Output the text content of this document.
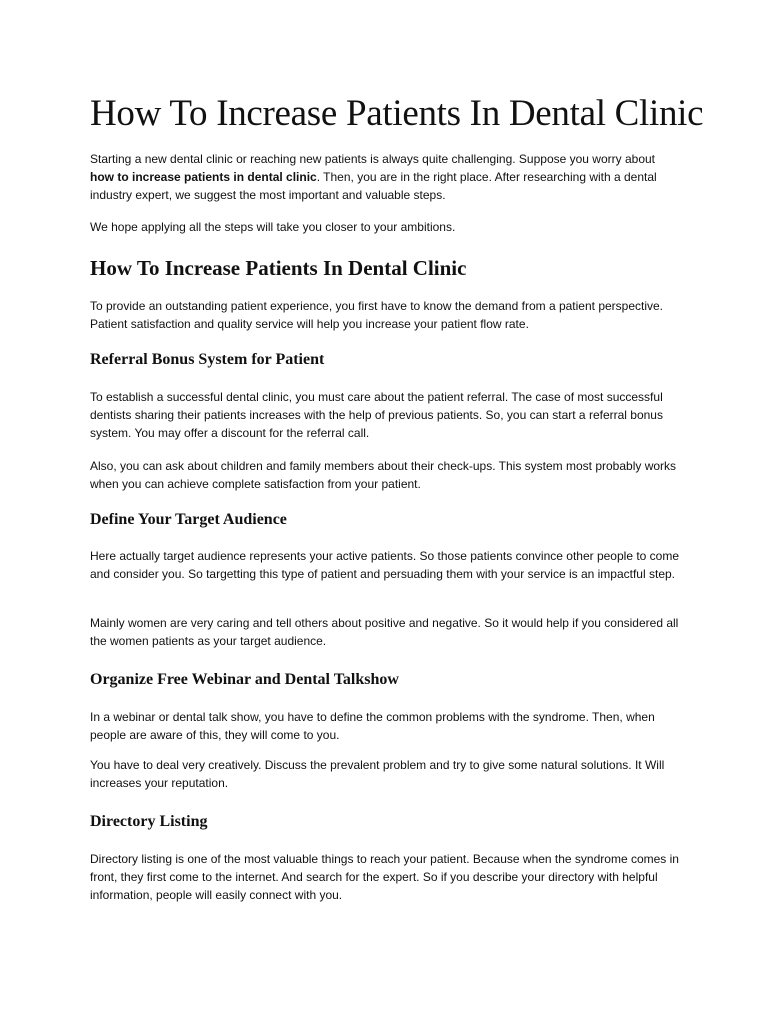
How To Increase Patients In Dental Clinic

Starting a new dental clinic or reaching new patients is always quite challenging. Suppose you worry about how to increase patients in dental clinic. Then, you are in the right place. After researching with a dental industry expert, we suggest the most important and valuable steps.

We hope applying all the steps will take you closer to your ambitions.

How To Increase Patients In Dental Clinic

To provide an outstanding patient experience, you first have to know the demand from a patient perspective. Patient satisfaction and quality service will help you increase your patient flow rate.

Referral Bonus System for Patient

To establish a successful dental clinic, you must care about the patient referral. The case of most successful dentists sharing their patients increases with the help of previous patients. So, you can start a referral bonus system. You may offer a discount for the referral call.

Also, you can ask about children and family members about their check-ups. This system most probably works when you can achieve complete satisfaction from your patient.

Define Your Target Audience

Here actually target audience represents your active patients. So those patients convince other people to come and consider you. So targetting this type of patient and persuading them with your service is an impactful step.

Mainly women are very caring and tell others about positive and negative. So it would help if you considered all the women patients as your target audience.

Organize Free Webinar and Dental Talkshow

In a webinar or dental talk show, you have to define the common problems with the syndrome. Then, when people are aware of this, they will come to you.

You have to deal very creatively. Discuss the prevalent problem and try to give some natural solutions. It Will increases your reputation.

Directory Listing

Directory listing is one of the most valuable things to reach your patient. Because when the syndrome comes in front, they first come to the internet. And search for the expert. So if you describe your directory with helpful information, people will easily connect with you.
